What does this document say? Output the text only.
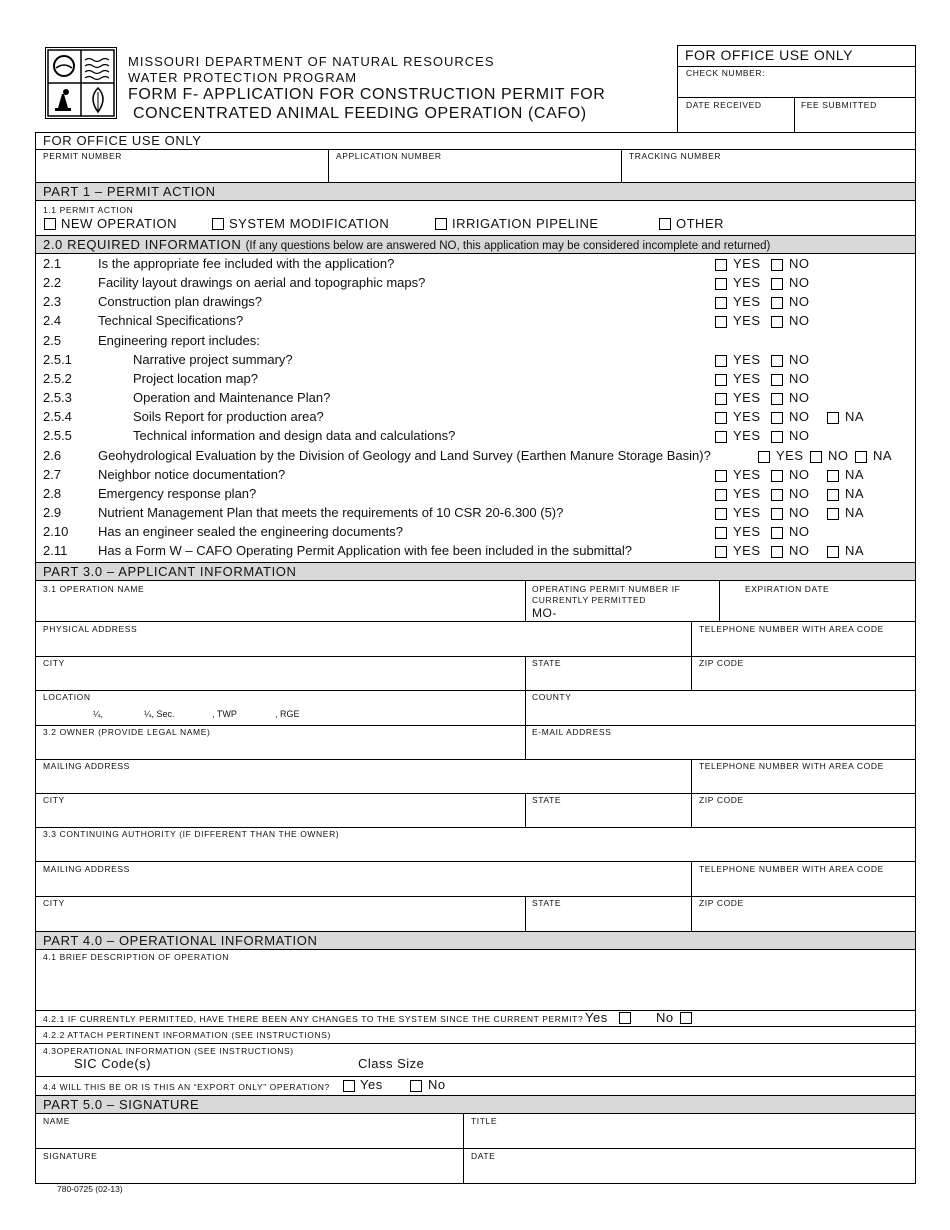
MISSOURI DEPARTMENT OF NATURAL RESOURCES
WATER PROTECTION PROGRAM
FORM F- APPLICATION FOR CONSTRUCTION PERMIT FOR
CONCENTRATED ANIMAL FEEDING OPERATION (CAFO)
FOR OFFICE USE ONLY
CHECK NUMBER:
DATE RECEIVED	FEE SUBMITTED
FOR OFFICE USE ONLY
PERMIT NUMBER	APPLICATION NUMBER	TRACKING NUMBER
PART 1 – PERMIT ACTION
1.1 PERMIT ACTION
NEW OPERATION	SYSTEM MODIFICATION	IRRIGATION PIPELINE	OTHER
2.0 REQUIRED INFORMATION (If any questions below are answered NO, this application may be considered incomplete and returned)
2.1	Is the appropriate fee included with the application?	YES NO
2.2	Facility layout drawings on aerial and topographic maps?	YES NO
2.3	Construction plan drawings?	YES NO
2.4	Technical Specifications?	YES NO
2.5	Engineering report includes:
2.5.1	Narrative project summary?	YES NO
2.5.2	Project location map?	YES NO
2.5.3	Operation and Maintenance Plan?	YES NO
2.5.4	Soils Report for production area?	YES NO	NA
2.5.5	Technical information and design data and calculations?	YES NO
2.6	Geohydrological Evaluation by the Division of Geology and Land Survey (Earthen Manure Storage Basin)?	YES NO NA
2.7	Neighbor notice documentation?	YES NO	NA
2.8	Emergency response plan?	YES NO	NA
2.9	Nutrient Management Plan that meets the requirements of 10 CSR 20-6.300 (5)?	YES NO	NA
2.10 Has an engineer sealed the engineering documents?	YES NO
2.11 Has a Form W – CAFO Operating Permit Application with fee been included in the submittal?	YES NO	NA
PART 3.0 – APPLICANT INFORMATION
3.1 OPERATION NAME	OPERATING PERMIT NUMBER IF
CURRENTLY PERMITTED
MO-
EXPIRATION DATE
PHYSICAL ADDRESS	TELEPHONE NUMBER WITH AREA CODE
CITY	STATE	ZIP CODE
LOCATION
¼,	¼, Sec.	, TWP	, RGE
COUNTY
3.2 OWNER (PROVIDE LEGAL NAME)	E-MAIL ADDRESS
MAILING ADDRESS	TELEPHONE NUMBER WITH AREA CODE
CITY	STATE	ZIP CODE
3.3 CONTINUING AUTHORITY (IF DIFFERENT THAN THE OWNER)
MAILING ADDRESS	TELEPHONE NUMBER WITH AREA CODE
CITY	STATE	ZIP CODE
PART 4.0 – OPERATIONAL INFORMATION
4.1 BRIEF DESCRIPTION OF OPERATION
4.2.1 IF CURRENTLY PERMITTED, HAVE THERE BEEN ANY CHANGES TO THE SYSTEM SINCE THE CURRENT PERMIT? Yes	No
4.2.2 ATTACH PERTINENT INFORMATION (SEE INSTRUCTIONS)
4.3OPERATIONAL INFORMATION (SEE INSTRUCTIONS)
SIC Code(s)	Class Size
4.4 WILL THIS BE OR IS THIS AN “EXPORT ONLY” OPERATION? Yes	No
PART 5.0 – SIGNATURE
NAME	TITLE
SIGNATURE	DATE
780-0725 (02-13)
